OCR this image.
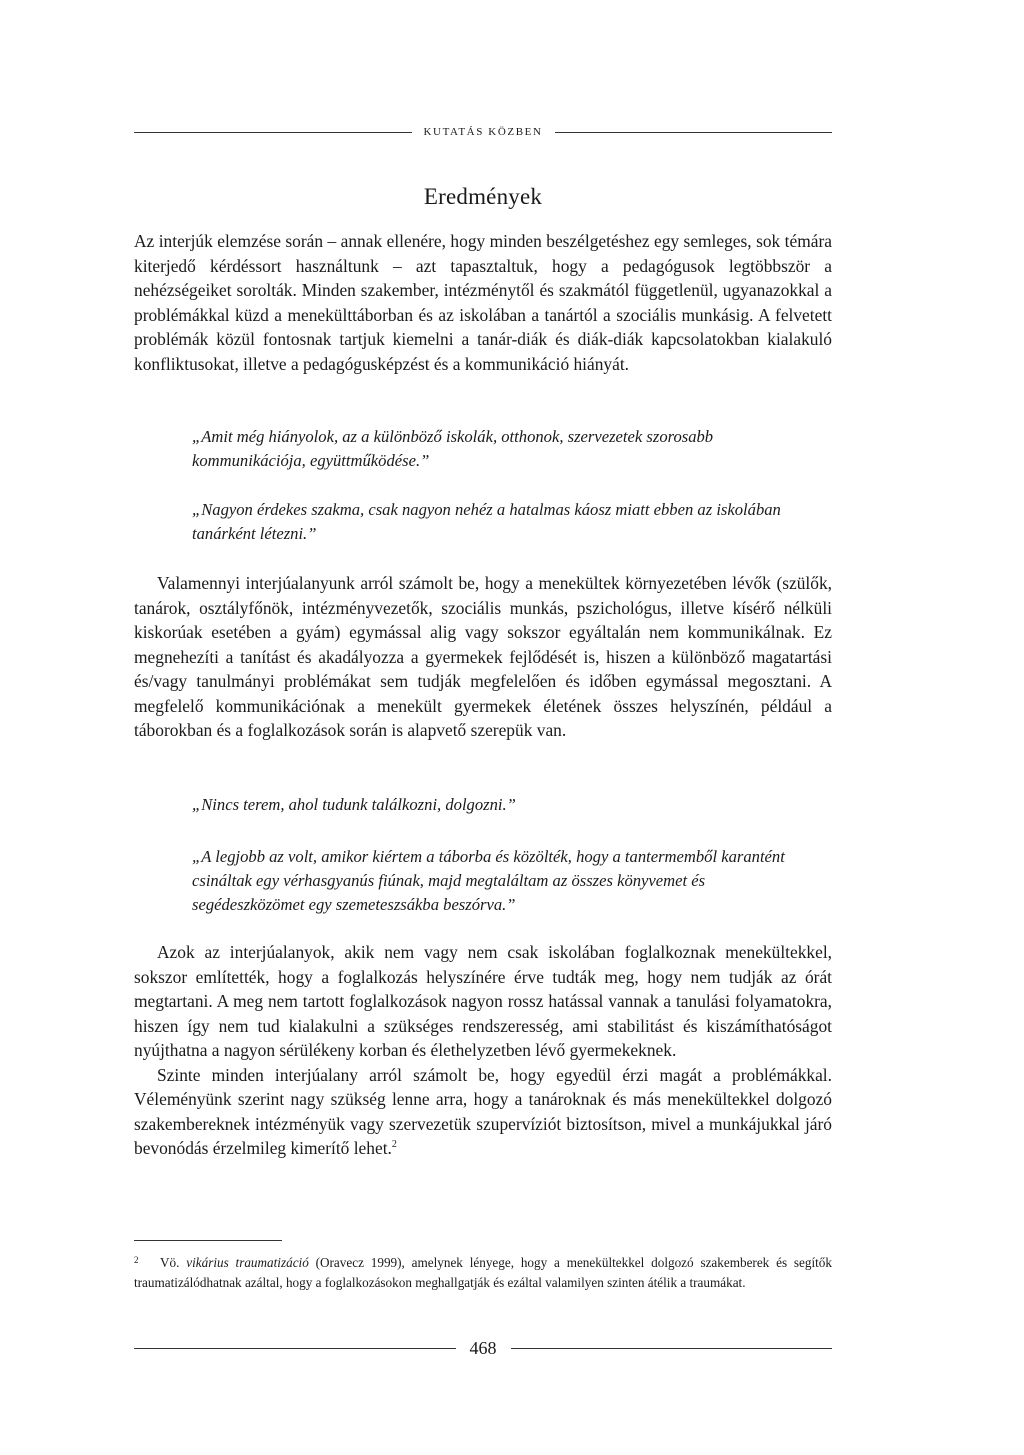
KUTATÁS KÖZBEN
Eredmények

Az interjúk elemzése során – annak ellenére, hogy minden beszélgetéshez egy semleges, sok témára kiterjedő kérdéssort használtunk – azt tapasztaltuk, hogy a pedagógusok legtöbbször a nehézségeiket sorolták. Minden szakember, intézménytől és szakmától függetlenül, ugyanazokkal a problémákkal küzd a menekülttáborban és az iskolában a tanártól a szociális munkásig. A felvetett problémák közül fontosnak tartjuk kiemelni a tanár-diák és diák-diák kapcsolatokban kialakuló konfliktusokat, illetve a pedagógusképzést és a kommunikáció hiányát.

„Amit még hiányolok, az a különböző iskolák, otthonok, szervezetek szorosabb kommunikációja, együttműködése.”

„Nagyon érdekes szakma, csak nagyon nehéz a hatalmas káosz miatt ebben az iskolában tanárként létezni.”

Valamennyi interjúalanyunk arról számolt be, hogy a menekültek környezetében lévők (szülők, tanárok, osztályfőnök, intézményvezetők, szociális munkás, pszichológus, illetve kísérő nélküli kiskorúak esetében a gyám) egymással alig vagy sokszor egyáltalán nem kommunikálnak. Ez megnehezíti a tanítást és akadályozza a gyermekek fejlődését is, hiszen a különböző magatartási és/vagy tanulmányi problémákat sem tudják megfelelően és időben egymással megosztani. A megfelelő kommunikációnak a menekült gyermekek életének összes helyszínén, például a táborokban és a foglalkozások során is alapvető szerepük van.

„Nincs terem, ahol tudunk találkozni, dolgozni.”

„A legjobb az volt, amikor kiértem a táborba és közölték, hogy a tantermemből karantént csináltak egy vérhasgyanús fiúnak, majd megtaláltam az összes könyvemet és segédeszközömet egy szemeteszsákba beszórva.”

Azok az interjúalanyok, akik nem vagy nem csak iskolában foglalkoznak menekültekkel, sokszor említették, hogy a foglalkozás helyszínére érve tudták meg, hogy nem tudják az órát megtartani. A meg nem tartott foglalkozások nagyon rossz hatással vannak a tanulási folyamatokra, hiszen így nem tud kialakulni a szükséges rendszeresség, ami stabilitást és kiszámíthatóságot nyújthatna a nagyon sérülékeny korban és élethelyzetben lévő gyermekeknek.

Szinte minden interjúalany arról számolt be, hogy egyedül érzi magát a problémákkal. Véleményünk szerint nagy szükség lenne arra, hogy a tanároknak és más menekültekkel dolgozó szakembereknek intézményük vagy szervezetük szupervíziót biztosítson, mivel a munkájukkal járó bevonódás érzelmileg kimerítő lehet.$^2$

2 Vö. vikárius traumatizáció (Oravecz 1999), amelynek lényege, hogy a menekültekkel dolgozó szakemberek és segítők traumatizálódhatnak azáltal, hogy a foglalkozásokon meghallgatják és ezáltal valamilyen szinten átélik a traumákat.

468
